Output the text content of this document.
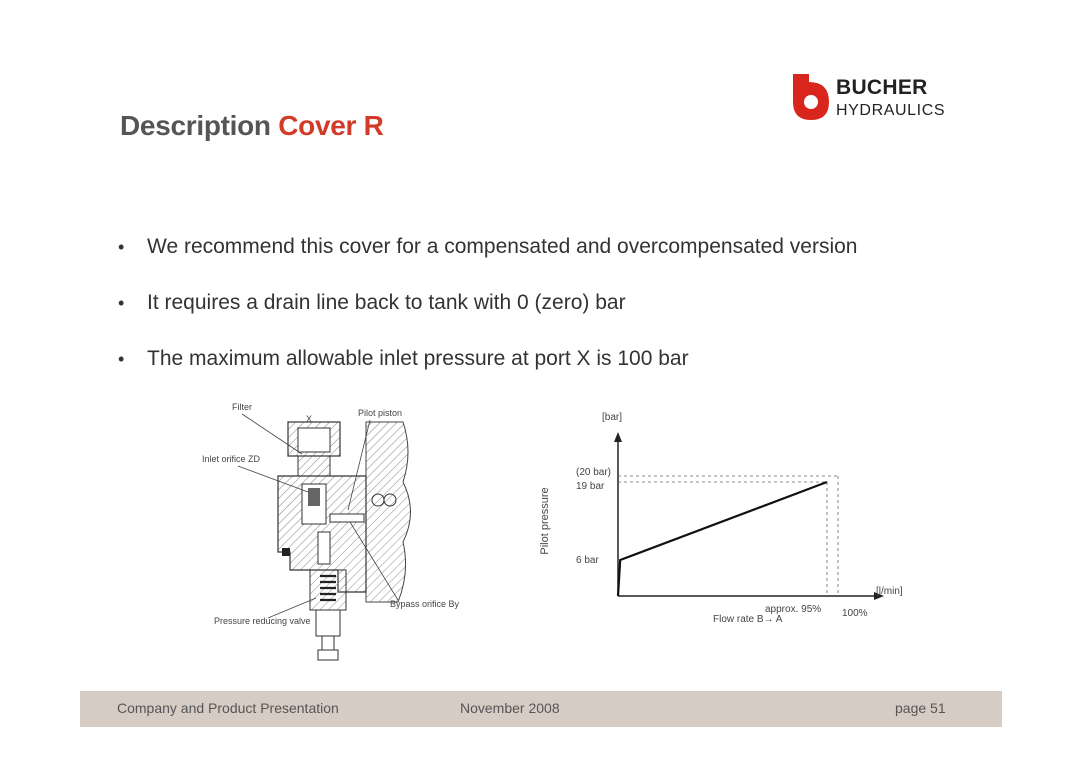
Description Cover R
BUCHER
HYDRAULICS
• We recommend this cover for a compensated and overcompensated version
• It requires a drain line back to tank with 0 (zero) bar
• The maximum allowable inlet pressure at port X is 100 bar
Filter
X
Pilot piston
Inlet orifice ZD
Bypass orifice By
Pressure reducing valve
Pilot pressure
[bar]
[l/min]
Flow rate B→ A
6 bar
19 bar
(20 bar)
approx. 95% 100%
Company and Product Presentation	November 2008	page 51
